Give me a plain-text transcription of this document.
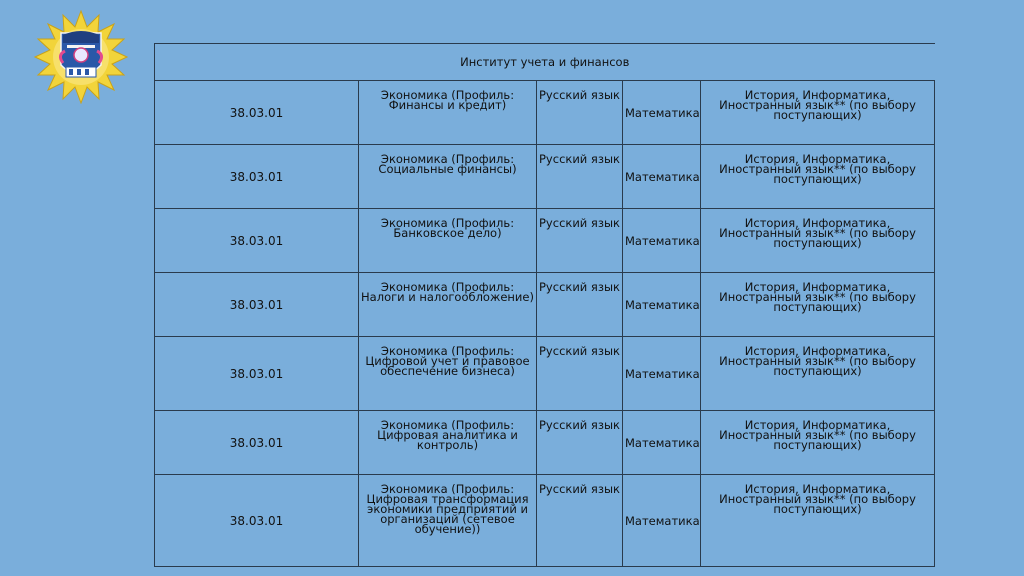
Институт учета и финансов				
38.03.01	Экономика (Профиль: Финансы и кредит)	Русский язык	Математика	История, Информатика, Иностранный язык** (по выбору поступающих)
38.03.01	Экономика (Профиль: Социальные финансы)	Русский язык	Математика	История, Информатика, Иностранный язык** (по выбору поступающих)
38.03.01	Экономика (Профиль: Банковское дело)	Русский язык	Математика	История, Информатика, Иностранный язык** (по выбору поступающих)
38.03.01	Экономика (Профиль: Налоги и налогообложение)	Русский язык	Математика	История, Информатика, Иностранный язык** (по выбору поступающих)
38.03.01	Экономика (Профиль: Цифровой учет и правовое обеспечение бизнеса)	Русский язык	Математика	История, Информатика, Иностранный язык** (по выбору поступающих)
38.03.01	Экономика (Профиль: Цифровая аналитика и контроль)	Русский язык	Математика	История, Информатика, Иностранный язык** (по выбору поступающих)
38.03.01	Экономика (Профиль: Цифровая трансформация экономики предприятий и организаций (сетевое обучение))	Русский язык	Математика	История, Информатика, Иностранный язык** (по выбору поступающих)
